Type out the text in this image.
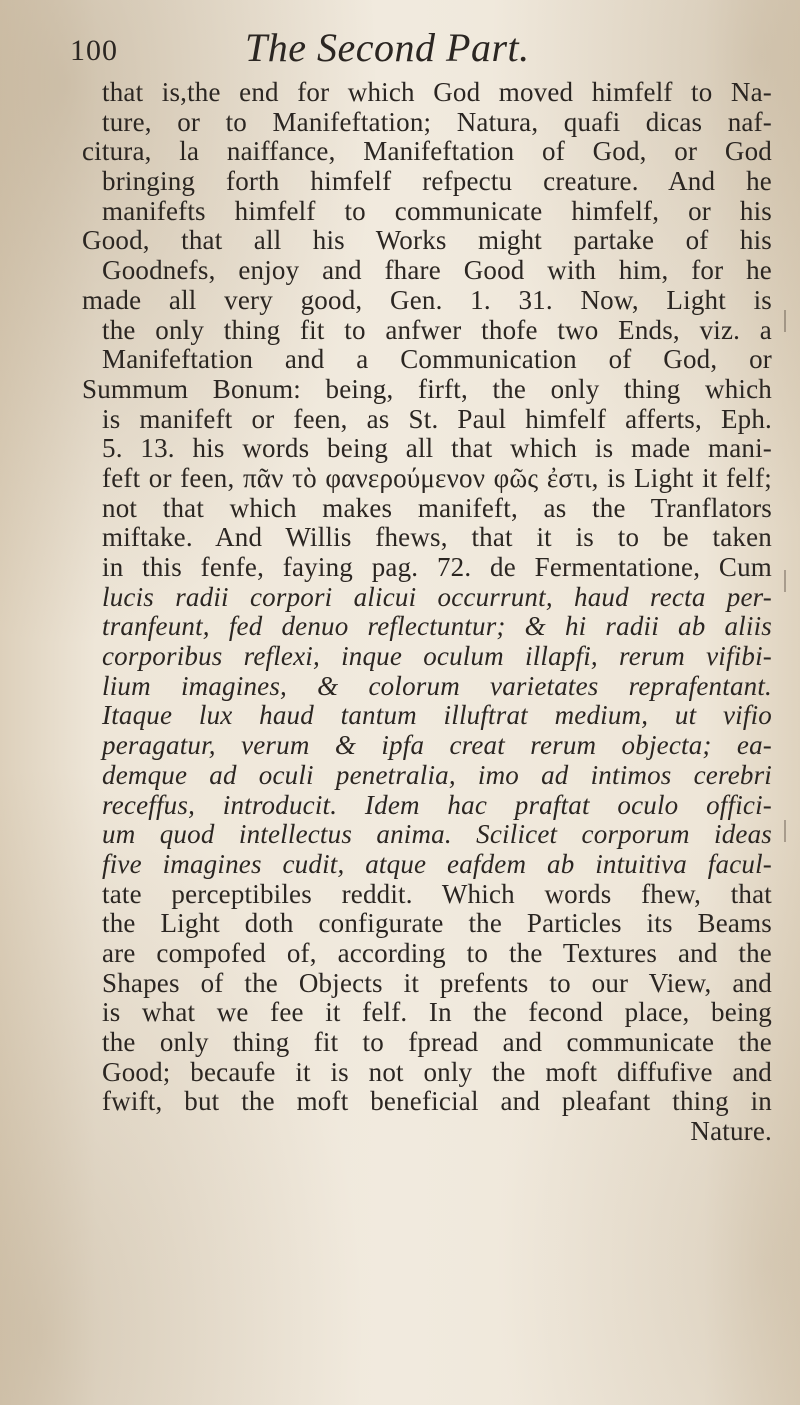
100	The Second Part.
that is,the end for which God moved himfelf to Na-
ture, or to Manifeftation; Natura, quafi dicas naf-
citura, la naiffance, Manifeftation of God, or God
bringing forth himfelf refpectu creature. And he
manifefts himfelf to communicate himfelf, or his
Good, that all his Works might partake of his
Goodnefs, enjoy and fhare Good with him, for he
made all very good, Gen. 1. 31. Now, Light is
the only thing fit to anfwer thofe two Ends, viz. a
Manifeftation and a Communication of God, or
Summum Bonum: being, firft, the only thing which
is manifeft or feen, as St. Paul himfelf afferts, Eph.
5. 13. his words being all that which is made mani-
feft or feen, πᾶν τὸ φανερούμενον φῶς ἐστι, is Light it felf;
not that which makes manifeft, as the Tranflators
miftake. And Willis fhews, that it is to be taken
in this fenfe, faying pag. 72. de Fermentatione, Cum
lucis radii corpori alicui occurrunt, haud recta per-
tranfeunt, fed denuo reflectuntur; & hi radii ab aliis
corporibus reflexi, inque oculum illapfi, rerum vifibi-
lium imagines, & colorum varietates reprafentant.
Itaque lux haud tantum illuftrat medium, ut vifio
peragatur, verum & ipfa creat rerum objecta; ea-
demque ad oculi penetralia, imo ad intimos cerebri
receffus, introducit. Idem hac praftat oculo offici-
um quod intellectus anima. Scilicet corporum ideas
five imagines cudit, atque eafdem ab intuitiva facul-
tate perceptibiles reddit. Which words fhew, that
the Light doth configurate the Particles its Beams
are compofed of, according to the Textures and the
Shapes of the Objects it prefents to our View, and
is what we fee it felf. In the fecond place, being
the only thing fit to fpread and communicate the
Good; becaufe it is not only the moft diffufive and
fwift, but the moft beneficial and pleafant thing in
Nature.
